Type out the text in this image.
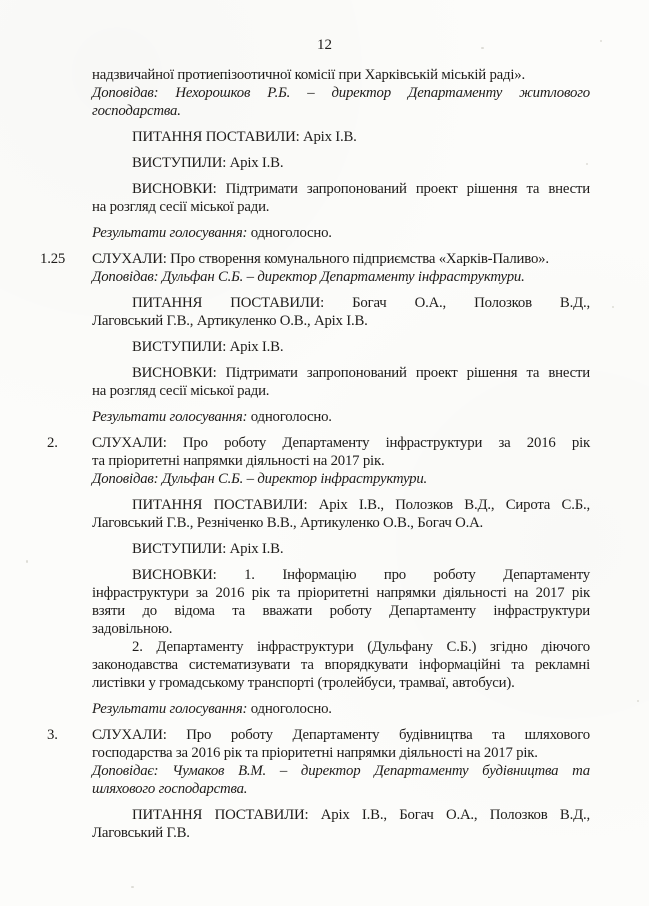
12
надзвичайної протиепізоотичної комісії при Харківській міській раді».
Доповідав: Нехорошков Р.Б. – директор Департаменту житлового
господарства.
ПИТАННЯ ПОСТАВИЛИ: Аріх І.В.
ВИСТУПИЛИ: Аріх І.В.
ВИСНОВКИ: Підтримати запропонований проект рішення та внести
на розгляд сесії міської ради.
Результати голосування: одноголосно.
1.25 СЛУХАЛИ: Про створення комунального підприємства «Харків-Паливо».
Доповідав: Дульфан С.Б. – директор Департаменту інфраструктури.
ПИТАННЯ ПОСТАВИЛИ: Богач О.А., Полозков В.Д.,
Лаговський Г.В., Артикуленко О.В., Аріх І.В.
ВИСТУПИЛИ: Аріх І.В.
ВИСНОВКИ: Підтримати запропонований проект рішення та внести
на розгляд сесії міської ради.
Результати голосування: одноголосно.
2. СЛУХАЛИ: Про роботу Департаменту інфраструктури за 2016 рік
та пріоритетні напрямки діяльності на 2017 рік.
Доповідав: Дульфан С.Б. – директор інфраструктури.
ПИТАННЯ ПОСТАВИЛИ: Аріх І.В., Полозков В.Д., Сирота С.Б.,
Лаговський Г.В., Резніченко В.В., Артикуленко О.В., Богач О.А.
ВИСТУПИЛИ: Аріх І.В.
ВИСНОВКИ: 1. Інформацію про роботу Департаменту
інфраструктури за 2016 рік та пріоритетні напрямки діяльності на 2017 рік
взяти до відома та вважати роботу Департаменту інфраструктури
задовільною.
2. Департаменту інфраструктури (Дульфану С.Б.) згідно діючого
законодавства систематизувати та впорядкувати інформаційні та рекламні
листівки у громадському транспорті (тролейбуси, трамваї, автобуси).
Результати голосування: одноголосно.
3. СЛУХАЛИ: Про роботу Департаменту будівництва та шляхового
господарства за 2016 рік та пріоритетні напрямки діяльності на 2017 рік.
Доповідає: Чумаков В.М. – директор Департаменту будівництва та
шляхового господарства.
ПИТАННЯ ПОСТАВИЛИ: Аріх І.В., Богач О.А., Полозков В.Д.,
Лаговський Г.В.
